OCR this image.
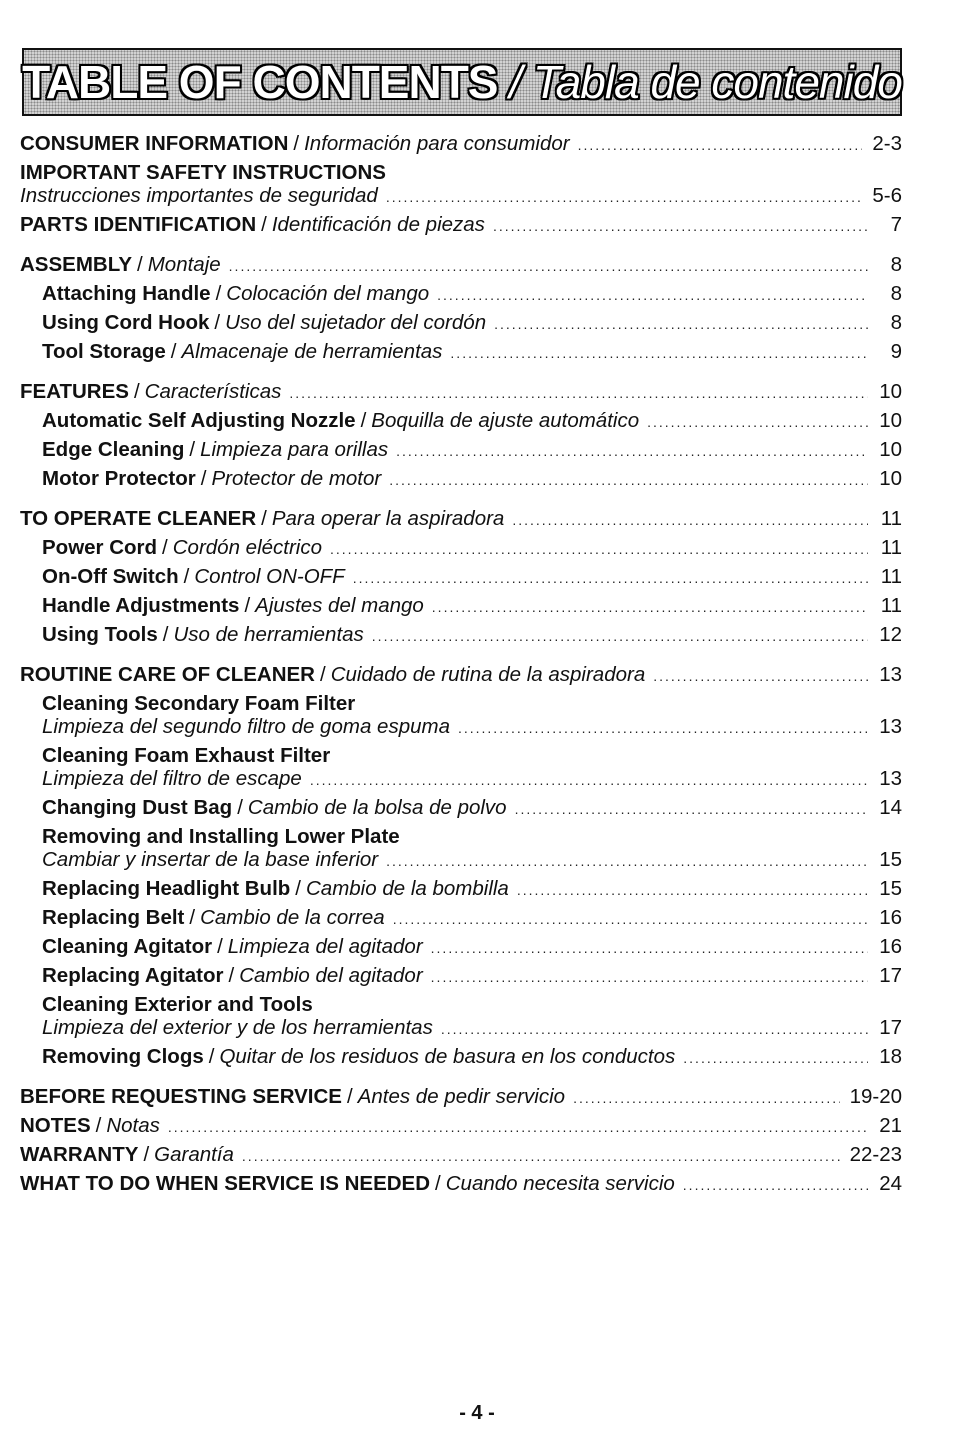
TABLE OF CONTENTS / Tabla de contenido
CONSUMER INFORMATION / Información para consumidor .....	2-3
IMPORTANT SAFETY INSTRUCTIONS
Instrucciones importantes de seguridad .....	5-6
PARTS IDENTIFICATION / Identificación de piezas .....	7
ASSEMBLY / Montaje .....	8
Attaching Handle / Colocación del mango .....	8
Using Cord Hook / Uso del sujetador del cordón .....	8
Tool Storage / Almacenaje de herramientas .....	9
FEATURES / Características .....	10
Automatic Self Adjusting Nozzle / Boquilla de ajuste automático .....	10
Edge Cleaning / Limpieza para orillas .....	10
Motor Protector / Protector de motor .....	10
TO OPERATE CLEANER / Para operar la aspiradora .....	11
Power Cord / Cordón eléctrico .....	11
On-Off Switch / Control ON-OFF .....	11
Handle Adjustments / Ajustes del mango .....	11
Using Tools / Uso de herramientas .....	12
ROUTINE CARE OF CLEANER / Cuidado de rutina de la aspiradora .....	13
Cleaning Secondary Foam Filter
Limpieza del segundo filtro de goma espuma .....	13
Cleaning Foam Exhaust Filter
Limpieza del filtro de escape .....	13
Changing Dust Bag / Cambio de la bolsa de polvo .....	14
Removing and Installing Lower Plate
Cambiar y insertar de la base inferior .....	15
Replacing Headlight Bulb / Cambio de la bombilla .....	15
Replacing Belt / Cambio de la correa .....	16
Cleaning Agitator / Limpieza del agitador .....	16
Replacing Agitator / Cambio del agitador .....	17
Cleaning Exterior and Tools
Limpieza del exterior y de los herramientas .....	17
Removing Clogs / Quitar de los residuos de basura en los conductos .....	18
BEFORE REQUESTING SERVICE / Antes de pedir servicio .....	19-20
NOTES / Notas .....	21
WARRANTY / Garantía .....	22-23
WHAT TO DO WHEN SERVICE IS NEEDED / Cuando necesita servicio .....	24
- 4 -
